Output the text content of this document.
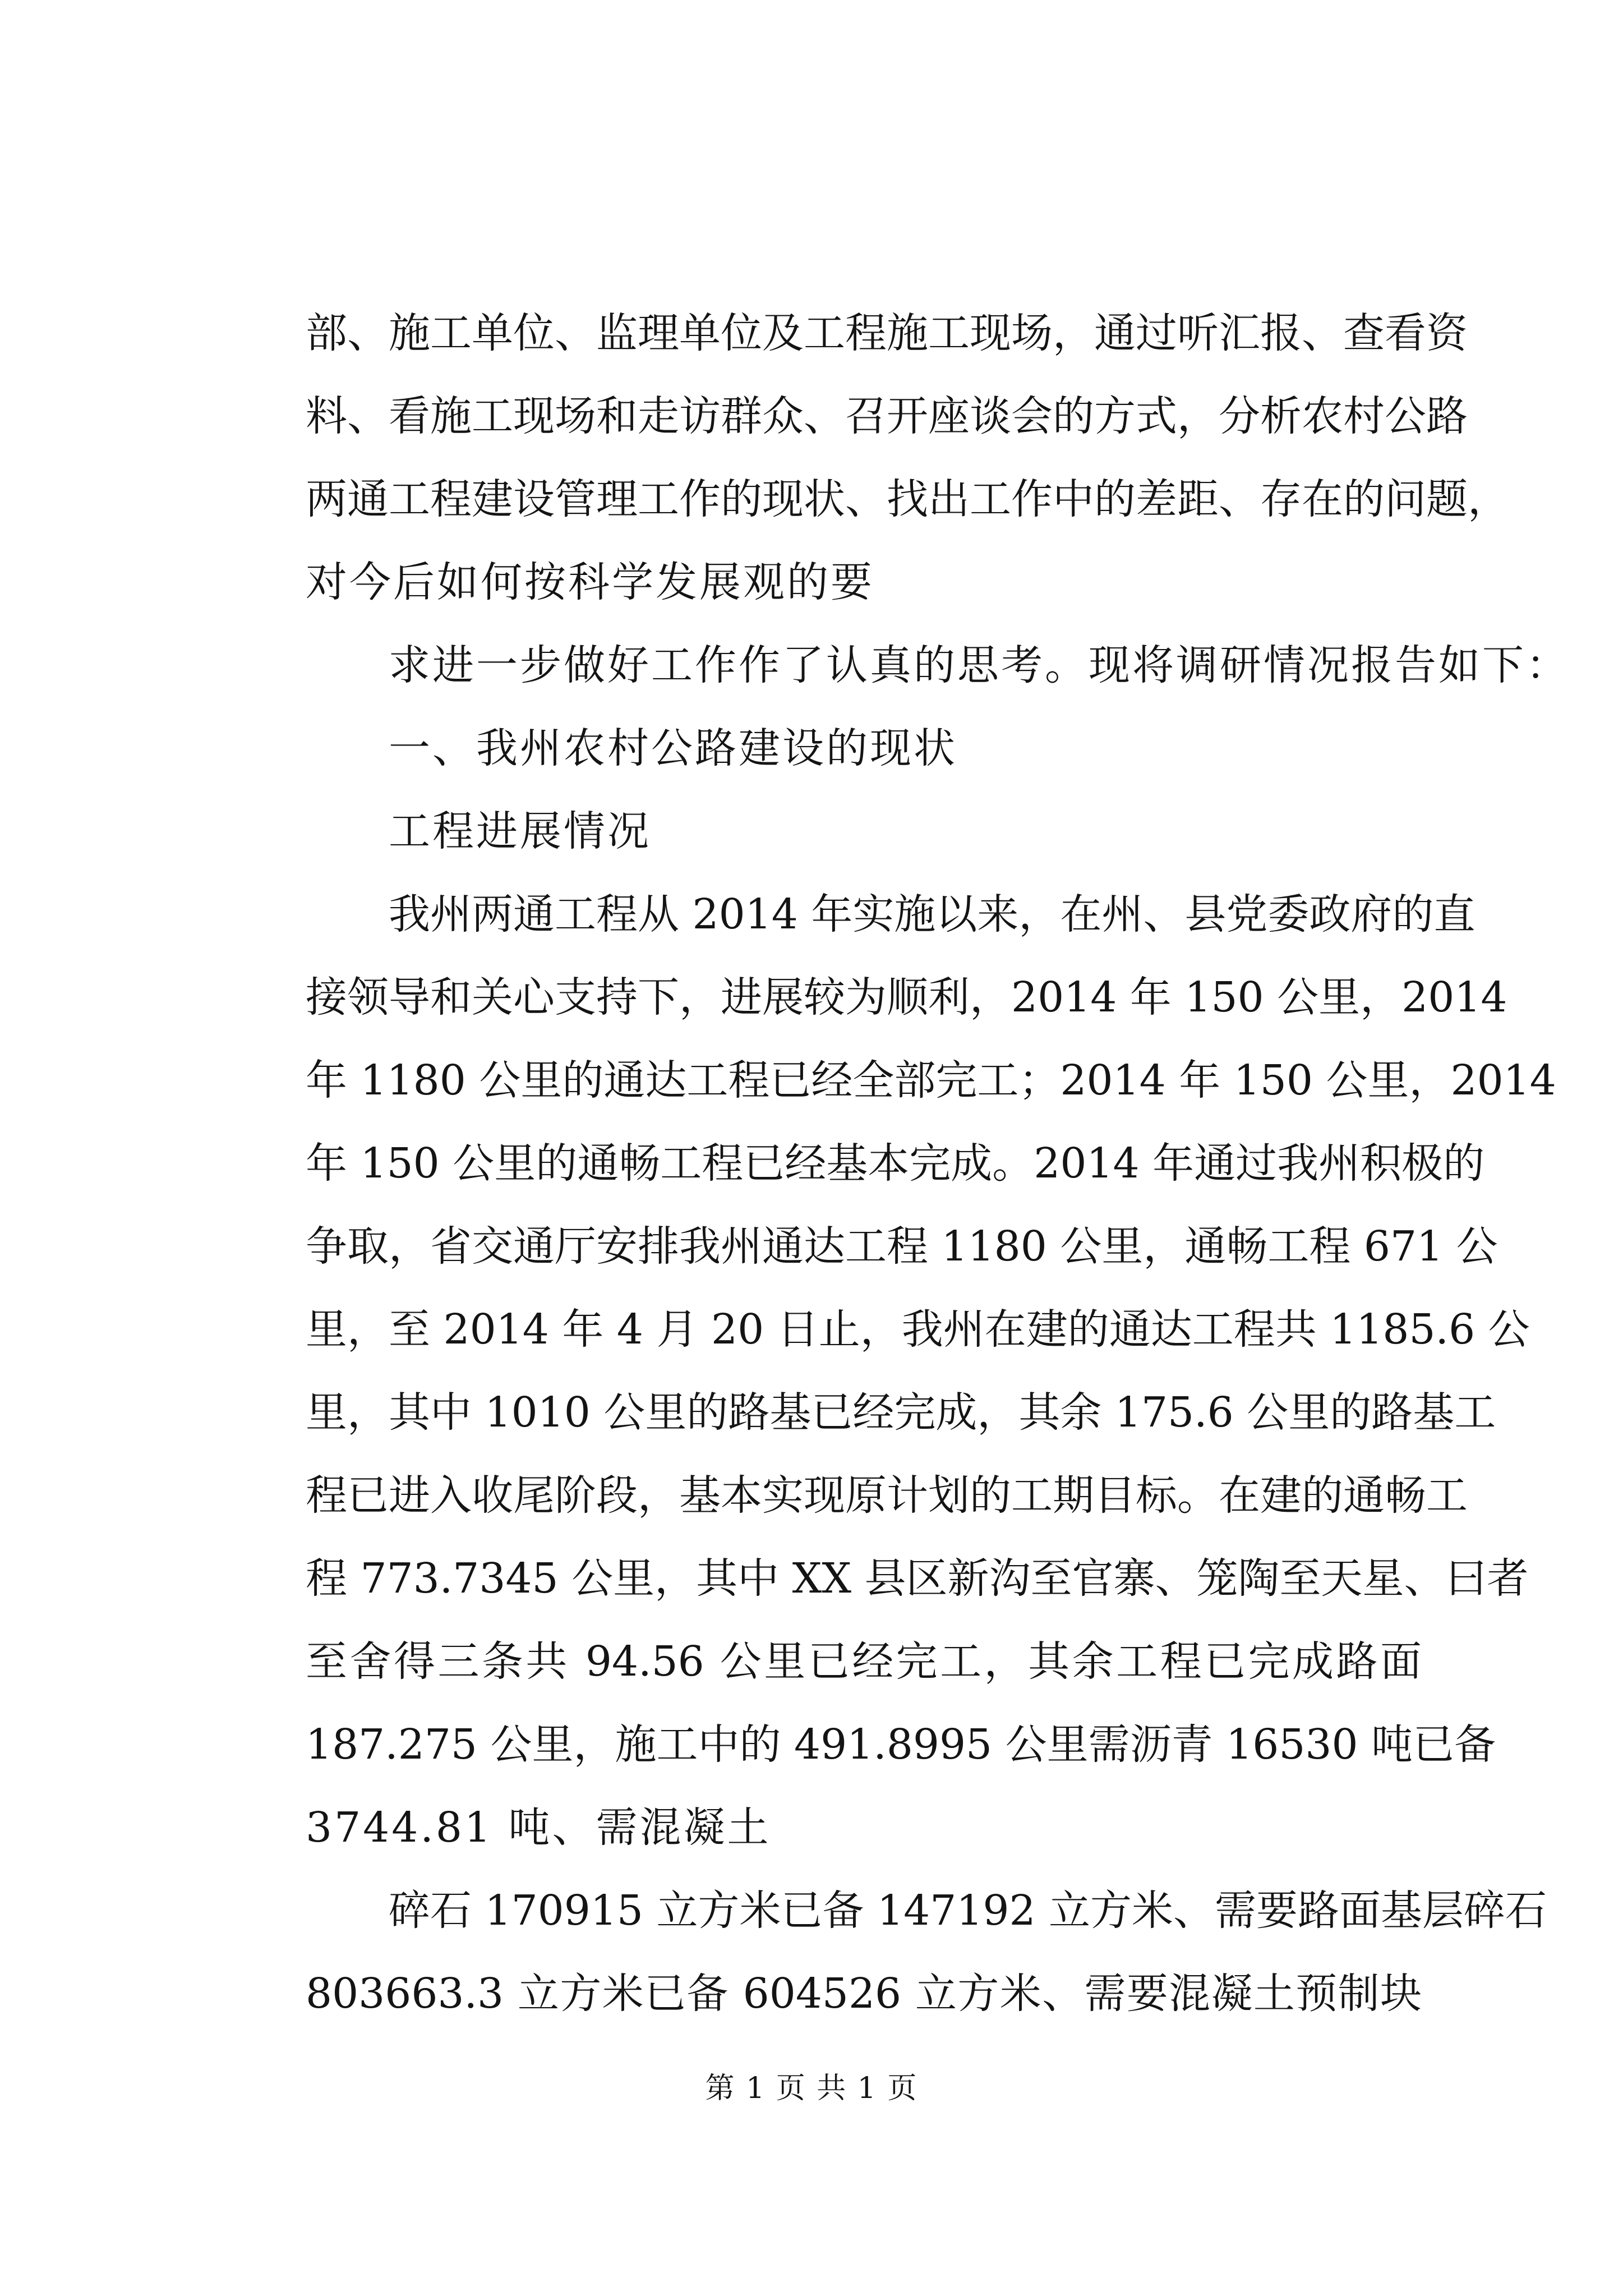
部、施工单位、监理单位及工程施工现场，通过听汇报、查看资
料、看施工现场和走访群众、召开座谈会的方式，分析农村公路
两通工程建设管理工作的现状、找出工作中的差距、存在的问题，
对今后如何按科学发展观的要
求进一步做好工作作了认真的思考。现将调研情况报告如下：
一、我州农村公路建设的现状
工程进展情况
我州两通工程从 2014 年实施以来，在州、县党委政府的直
接领导和关心支持下，进展较为顺利，2014 年 150 公里，2014
年 1180 公里的通达工程已经全部完工；2014 年 150 公里，2014
年 150 公里的通畅工程已经基本完成。2014 年通过我州积极的
争取，省交通厅安排我州通达工程 1180 公里，通畅工程 671 公
里，至 2014 年 4 月 20 日止，我州在建的通达工程共 1185.6 公
里，其中 1010 公里的路基已经完成，其余 175.6 公里的路基工
程已进入收尾阶段，基本实现原计划的工期目标。在建的通畅工
程 773.7345 公里，其中 XX 县区新沟至官寨、笼陶至天星、曰者
至舍得三条共 94.56 公里已经完工，其余工程已完成路面
187.275 公里，施工中的 491.8995 公里需沥青 16530 吨已备
3744.81 吨、需混凝土
碎石 170915 立方米已备 147192 立方米、需要路面基层碎石
803663.3 立方米已备 604526 立方米、需要混凝土预制块
第 1 页 共 1 页
